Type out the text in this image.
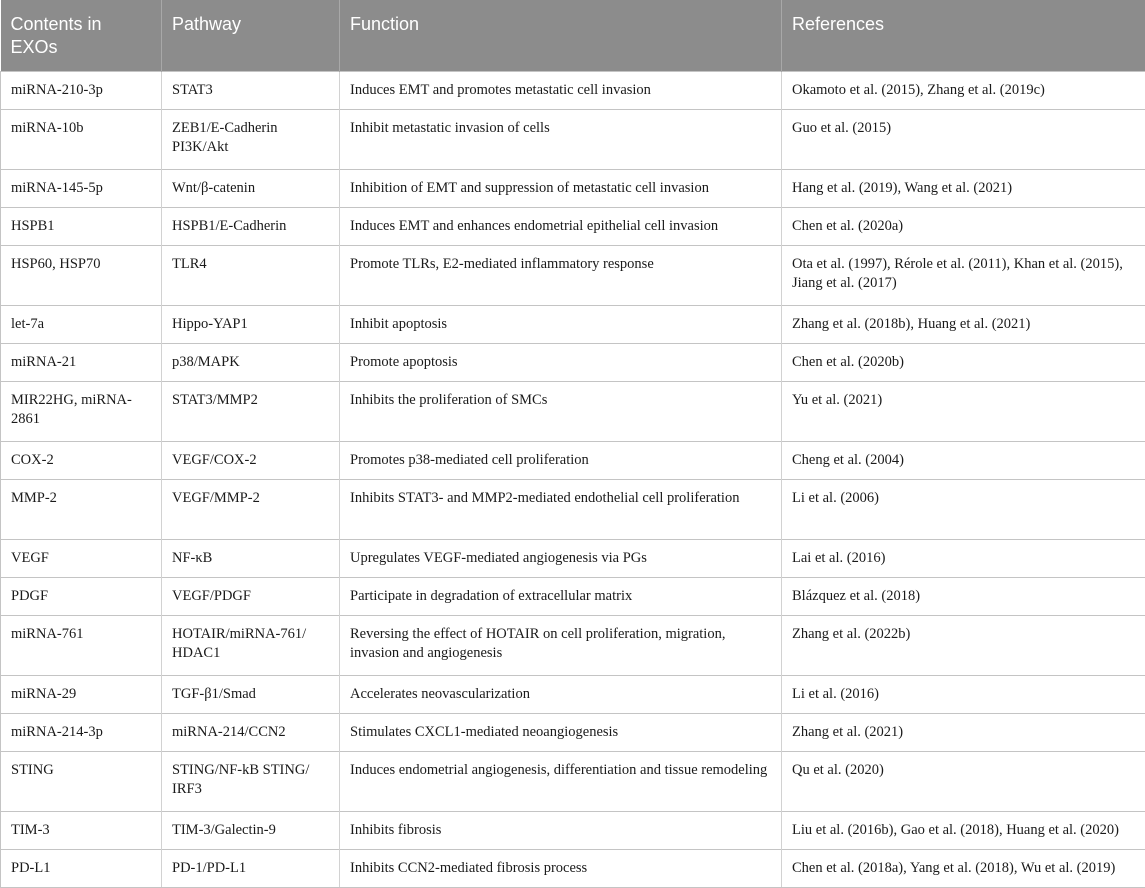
Contents in EXOs	Pathway	Function	References
miRNA-210-3p	STAT3	Induces EMT and promotes metastatic cell invasion	Okamoto et al. (2015), Zhang et al. (2019c)
miRNA-10b	ZEB1/E-Cadherin PI3K/Akt	Inhibit metastatic invasion of cells	Guo et al. (2015)
miRNA-145-5p	Wnt/β-catenin	Inhibition of EMT and suppression of metastatic cell invasion	Hang et al. (2019), Wang et al. (2021)
HSPB1	HSPB1/E-Cadherin	Induces EMT and enhances endometrial epithelial cell invasion	Chen et al. (2020a)
HSP60, HSP70	TLR4	Promote TLRs, E2-mediated inflammatory response	Ota et al. (1997), Rérole et al. (2011), Khan et al. (2015), Jiang et al. (2017)
let-7a	Hippo-YAP1	Inhibit apoptosis	Zhang et al. (2018b), Huang et al. (2021)
miRNA-21	p38/MAPK	Promote apoptosis	Chen et al. (2020b)
MIR22HG, miRNA-2861	STAT3/MMP2	Inhibits the proliferation of SMCs	Yu et al. (2021)
COX-2	VEGF/COX-2	Promotes p38-mediated cell proliferation	Cheng et al. (2004)
MMP-2	VEGF/MMP-2	Inhibits STAT3- and MMP2-mediated endothelial cell proliferation	Li et al. (2006)
VEGF	NF-κB	Upregulates VEGF-mediated angiogenesis via PGs	Lai et al. (2016)
PDGF	VEGF/PDGF	Participate in degradation of extracellular matrix	Blázquez et al. (2018)
miRNA-761	HOTAIR/miRNA-761/ HDAC1	Reversing the effect of HOTAIR on cell proliferation, migration, invasion and angiogenesis	Zhang et al. (2022b)
miRNA-29	TGF-β1/Smad	Accelerates neovascularization	Li et al. (2016)
miRNA-214-3p	miRNA-214/CCN2	Stimulates CXCL1-mediated neoangiogenesis	Zhang et al. (2021)
STING	STING/NF-kB STING/ IRF3	Induces endometrial angiogenesis, differentiation and tissue remodeling	Qu et al. (2020)
TIM-3	TIM-3/Galectin-9	Inhibits fibrosis	Liu et al. (2016b), Gao et al. (2018), Huang et al. (2020)
PD-L1	PD-1/PD-L1	Inhibits CCN2-mediated fibrosis process	Chen et al. (2018a), Yang et al. (2018), Wu et al. (2019)
